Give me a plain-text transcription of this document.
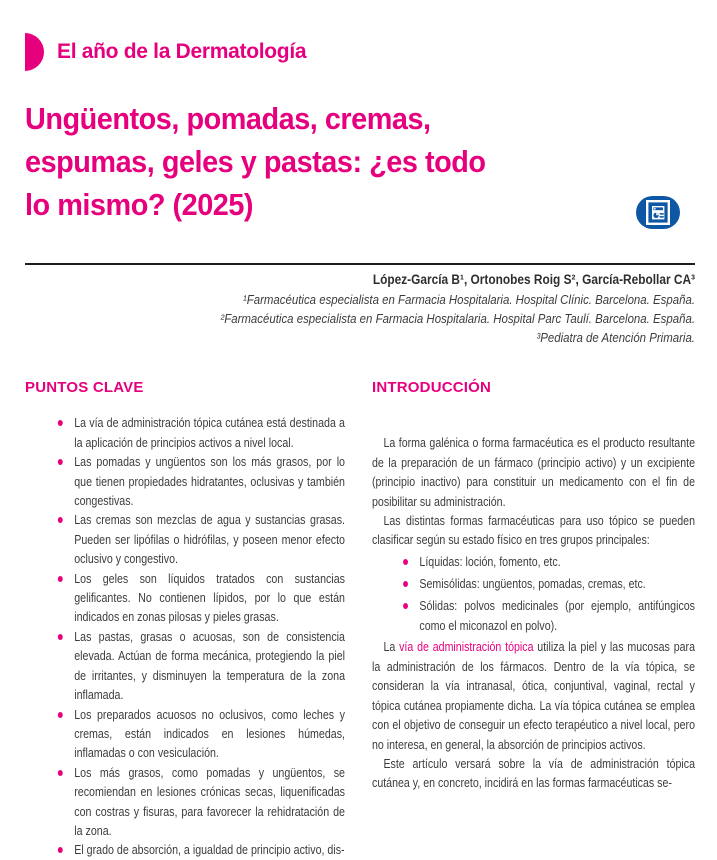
El año de la Dermatología
Ungüentos, pomadas, cremas,
espumas, geles y pastas: ¿es todo
lo mismo? (2025)
López-García B¹, Ortonobes Roig S², García-Rebollar CA³
¹Farmacéutica especialista en Farmacia Hospitalaria. Hospital Clínic. Barcelona. España.
²Farmacéutica especialista en Farmacia Hospitalaria. Hospital Parc Taulí. Barcelona. España.
³Pediatra de Atención Primaria.
PUNTOS CLAVE
La vía de administración tópica cutánea está destinada a la aplicación de principios activos a nivel local.
Las pomadas y ungüentos son los más grasos, por lo que tienen propiedades hidratantes, oclusivas y también congestivas.
Las cremas son mezclas de agua y sustancias grasas. Pueden ser lipófilas o hidrófilas, y poseen menor efecto oclusivo y congestivo.
Los geles son líquidos tratados con sustancias gelificantes. No contienen lípidos, por lo que están indicados en zonas pilosas y pieles grasas.
Las pastas, grasas o acuosas, son de consistencia elevada. Actúan de forma mecánica, protegiendo la piel de irritantes, y disminuyen la temperatura de la zona inflamada.
Los preparados acuosos no oclusivos, como leches y cremas, están indicados en lesiones húmedas, inflamadas o con vesiculación.
Los más grasos, como pomadas y ungüentos, se recomiendan en lesiones crónicas secas, liquenificadas con costras y fisuras, para favorecer la rehidratación de la zona.
El grado de absorción, a igualdad de principio activo, dis-
INTRODUCCIÓN

La forma galénica o forma farmacéutica es el producto resultante de la preparación de un fármaco (principio activo) y un excipiente (principio inactivo) para constituir un medicamento con el fin de posibilitar su administración.

Las distintas formas farmacéuticas para uso tópico se pueden clasificar según su estado físico en tres grupos principales:

Líquidas: loción, fomento, etc.
Semisólidas: ungüentos, pomadas, cremas, etc.
Sólidas: polvos medicinales (por ejemplo, antifúngicos como el miconazol en polvo).

La vía de administración tópica utiliza la piel y las mucosas para la administración de los fármacos. Dentro de la vía tópica, se consideran la vía intranasal, ótica, conjuntival, vaginal, rectal y tópica cutánea propiamente dicha. La vía tópica cutánea se emplea con el objetivo de conseguir un efecto terapéutico a nivel local, pero no interesa, en general, la absorción de principios activos.

Este artículo versará sobre la vía de administración tópica cutánea y, en concreto, incidirá en las formas farmacéuticas se-
